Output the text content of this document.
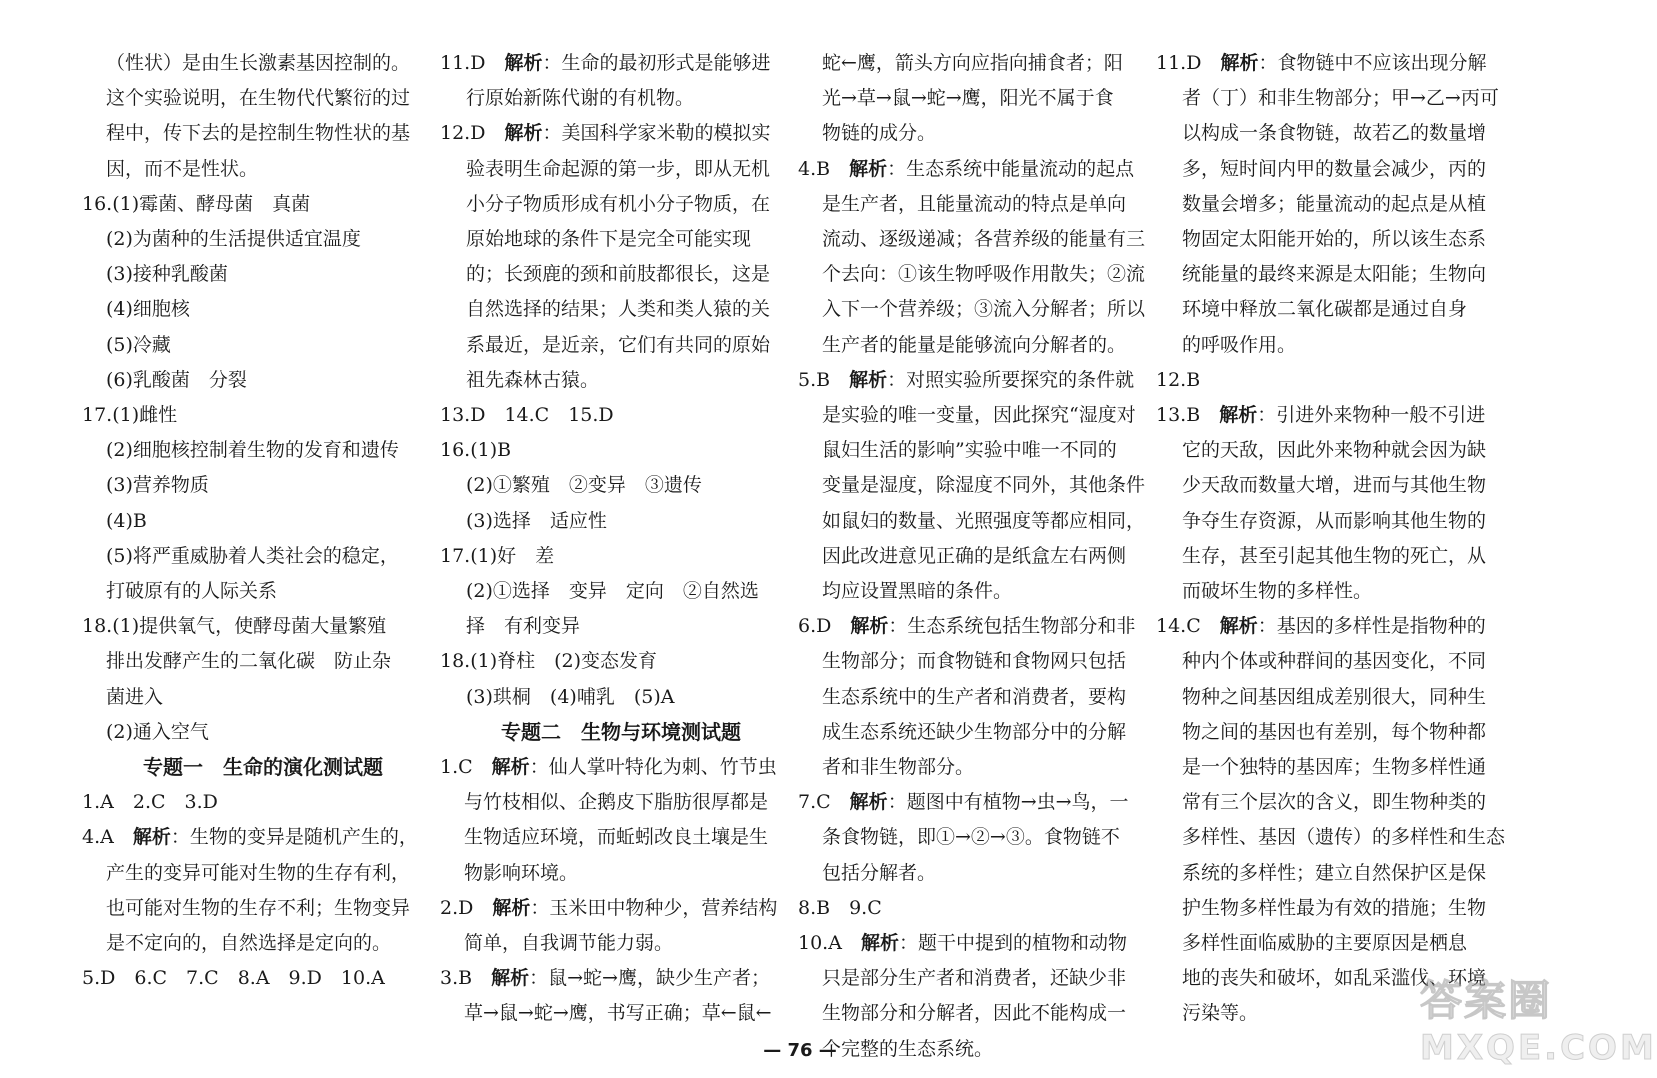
（性状）是由生长激素基因控制的。

这个实验说明，在生物代代繁衍的过

程中，传下去的是控制生物性状的基

因，而不是性状。

16.(1)霉菌、酵母菌　真菌

(2)为菌种的生活提供适宜温度

(3)接种乳酸菌

(4)细胞核

(5)冷藏

(6)乳酸菌　分裂

17.(1)雌性

(2)细胞核控制着生物的发育和遗传

(3)营养物质

(4)B

(5)将严重威胁着人类社会的稳定，

打破原有的人际关系

18.(1)提供氧气，使酵母菌大量繁殖

排出发酵产生的二氧化碳　防止杂

菌进入

(2)通入空气

专题一　生命的演化测试题

1.A　2.C　3.D

4.A　解析：生物的变异是随机产生的，

产生的变异可能对生物的生存有利，

也可能对生物的生存不利；生物变异

是不定向的，自然选择是定向的。

5.D　6.C　7.C　8.A　9.D　10.A

11.D　解析：生命的最初形式是能够进

行原始新陈代谢的有机物。

12.D　解析：美国科学家米勒的模拟实

验表明生命起源的第一步，即从无机

小分子物质形成有机小分子物质，在

原始地球的条件下是完全可能实现

的；长颈鹿的颈和前肢都很长，这是

自然选择的结果；人类和类人猿的关

系最近，是近亲，它们有共同的原始

祖先森林古猿。

13.D　14.C　15.D

16.(1)B

(2)①繁殖　②变异　③遗传

(3)选择　适应性

17.(1)好　差

(2)①选择　变异　定向　②自然选

择　有利变异

18.(1)脊柱　(2)变态发育

(3)珙桐　(4)哺乳　(5)A

专题二　生物与环境测试题

1.C　解析：仙人掌叶特化为刺、竹节虫

与竹枝相似、企鹅皮下脂肪很厚都是

生物适应环境，而蚯蚓改良土壤是生

物影响环境。

2.D　解析：玉米田中物种少，营养结构

简单，自我调节能力弱。

3.B　解析：鼠→蛇→鹰，缺少生产者；

草→鼠→蛇→鹰，书写正确；草←鼠←

蛇←鹰，箭头方向应指向捕食者；阳

光→草→鼠→蛇→鹰，阳光不属于食

物链的成分。

4.B　解析：生态系统中能量流动的起点

是生产者，且能量流动的特点是单向

流动、逐级递减；各营养级的能量有三

个去向：①该生物呼吸作用散失；②流

入下一个营养级；③流入分解者；所以

生产者的能量是能够流向分解者的。

5.B　解析：对照实验所要探究的条件就

是实验的唯一变量，因此探究“湿度对

鼠妇生活的影响”实验中唯一不同的

变量是湿度，除湿度不同外，其他条件

如鼠妇的数量、光照强度等都应相同，

因此改进意见正确的是纸盒左右两侧

均应设置黑暗的条件。

6.D　解析：生态系统包括生物部分和非

生物部分；而食物链和食物网只包括

生态系统中的生产者和消费者，要构

成生态系统还缺少生物部分中的分解

者和非生物部分。

7.C　解析：题图中有植物→虫→鸟，一

条食物链，即①→②→③。食物链不

包括分解者。

8.B　9.C

10.A　解析：题干中提到的植物和动物

只是部分生产者和消费者，还缺少非

生物部分和分解者，因此不能构成一

个完整的生态系统。

11.D　解析：食物链中不应该出现分解

者（丁）和非生物部分；甲→乙→丙可

以构成一条食物链，故若乙的数量增

多，短时间内甲的数量会减少，丙的

数量会增多；能量流动的起点是从植

物固定太阳能开始的，所以该生态系

统能量的最终来源是太阳能；生物向

环境中释放二氧化碳都是通过自身

的呼吸作用。

12.B

13.B　解析：引进外来物种一般不引进

它的天敌，因此外来物种就会因为缺

少天敌而数量大增，进而与其他生物

争夺生存资源，从而影响其他生物的

生存，甚至引起其他生物的死亡，从

而破坏生物的多样性。

14.C　解析：基因的多样性是指物种的

种内个体或种群间的基因变化，不同

物种之间基因组成差别很大，同种生

物之间的基因也有差别，每个物种都

是一个独特的基因库；生物多样性通

常有三个层次的含义，即生物种类的

多样性、基因（遗传）的多样性和生态

系统的多样性；建立自然保护区是保

护生物多样性最为有效的措施；生物

多样性面临威胁的主要原因是栖息

地的丧失和破坏，如乱采滥伐、环境

污染等。

— 76 —
答案圈
MXQE.COM
